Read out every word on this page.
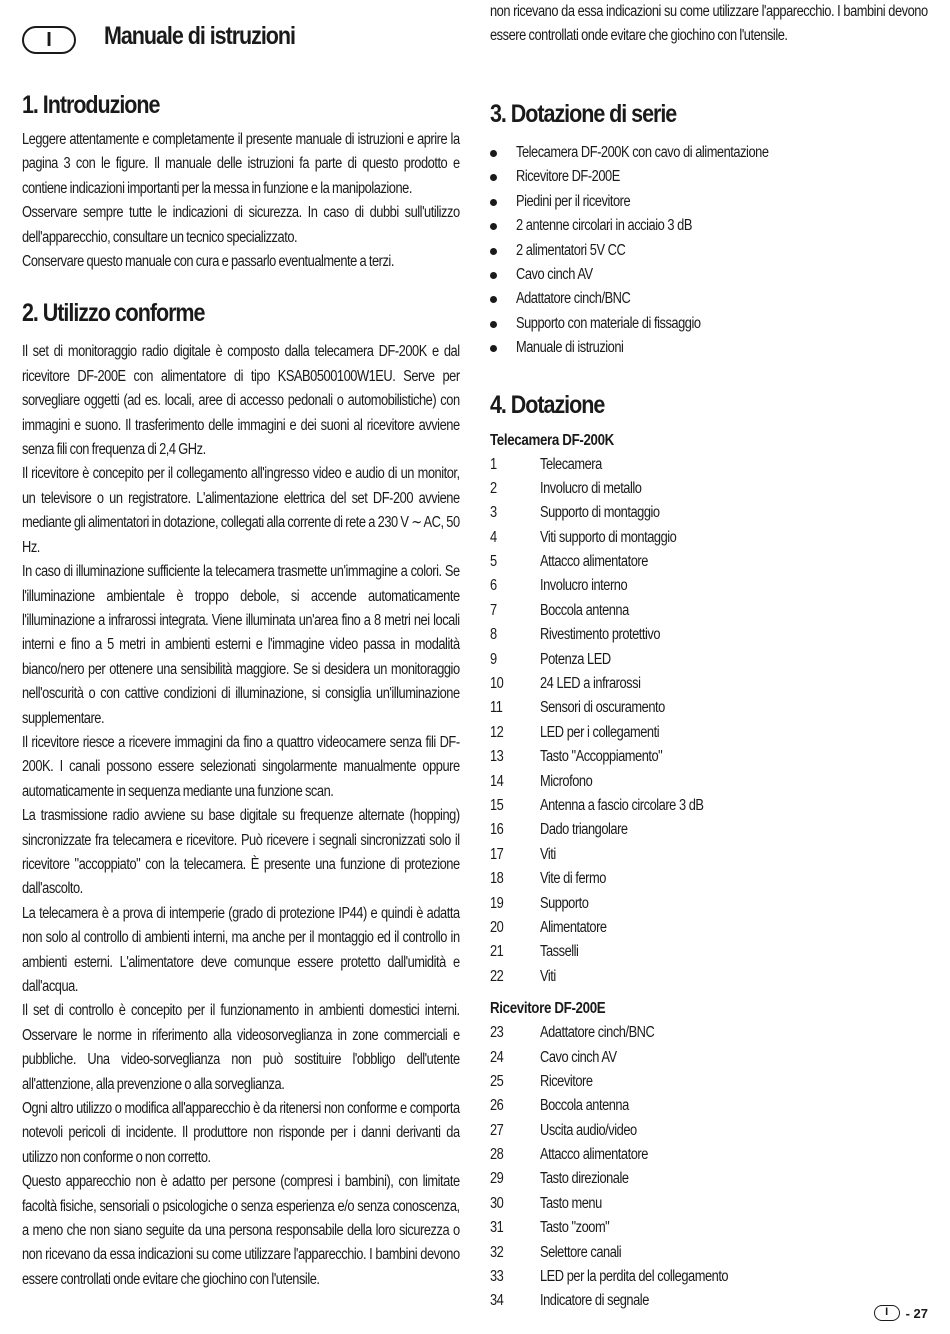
I	Manuale di istruzioni
1. Introduzione

Leggere attentamente e completamente il presente manuale di istruzioni e aprire la pagina 3 con le figure. Il manuale delle istruzioni fa parte di questo prodotto e contiene indicazioni importanti per la messa in funzione e la manipolazione.

Osservare sempre tutte le indicazioni di sicurezza. In caso di dubbi sull'utilizzo dell'apparecchio, consultare un tecnico specializzato.

Conservare questo manuale con cura e passarlo eventualmente a terzi.

2. Utilizzo conforme

Il set di monitoraggio radio digitale è composto dalla telecamera DF-200K e dal ricevitore DF-200E con alimentatore di tipo KSAB0500100W1EU. Serve per sorvegliare oggetti (ad es. locali, aree di accesso pedonali o automobilistiche) con immagini e suono. Il trasferimento delle immagini e dei suoni al ricevitore avviene senza fili con frequenza di 2,4 GHz.

Il ricevitore è concepito per il collegamento all'ingresso video e audio di un monitor, un televisore o un registratore. L'alimentazione elettrica del set DF-200 avviene mediante gli alimentatori in dotazione, collegati alla corrente di rete a 230 V ∼ AC, 50 Hz.

In caso di illuminazione sufficiente la telecamera trasmette un'immagine a colori. Se l'illuminazione ambientale è troppo debole, si accende automaticamente l'illuminazione a infrarossi integrata. Viene illuminata un'area fino a 8 metri nei locali interni e fino a 5 metri in ambienti esterni e l'immagine video passa in modalità bianco/nero per ottenere una sensibilità maggiore. Se si desidera un monitoraggio nell'oscurità o con cattive condizioni di illuminazione, si consiglia un'illuminazione supplementare.

Il ricevitore riesce a ricevere immagini da fino a quattro videocamere senza fili DF-200K. I canali possono essere selezionati singolarmente manualmente oppure automaticamente in sequenza mediante una funzione scan.

La trasmissione radio avviene su base digitale su frequenze alternate (hopping) sincronizzate fra telecamera e ricevitore. Può ricevere i segnali sincronizzati solo il ricevitore "accoppiato" con la telecamera. È presente una funzione di protezione dall'ascolto.

La telecamera è a prova di intemperie (grado di protezione IP44) e quindi è adatta non solo al controllo di ambienti interni, ma anche per il montaggio ed il controllo in ambienti esterni. L'alimentatore deve comunque essere protetto dall'umidità e dall'acqua.

Il set di controllo è concepito per il funzionamento in ambienti domestici interni. Osservare le norme in riferimento alla videosorveglianza in zone commerciali e pubbliche. Una video-sorveglianza non può sostituire l'obbligo dell'utente all'attenzione, alla prevenzione o alla sorveglianza.

Ogni altro utilizzo o modifica all'apparecchio è da ritenersi non conforme e comporta notevoli pericoli di incidente. Il produttore non risponde per i danni derivanti da utilizzo non conforme o non corretto.

Questo apparecchio non è adatto per persone (compresi i bambini), con limitate facoltà fisiche, sensoriali o psicologiche o senza esperienza e/o senza conoscenza, a meno che non siano seguite da una persona responsabile della loro sicurezza o non ricevano da essa indicazioni su come utilizzare l'apparecchio. I bambini devono essere controllati onde evitare che giochino con l'utensile.

non ricevano da essa indicazioni su come utilizzare l'apparecchio. I bambini devono essere controllati onde evitare che giochino con l'utensile.

3. Dotazione di serie
Telecamera DF-200K con cavo di alimentazione
Ricevitore DF-200E
Piedini per il ricevitore
2 antenne circolari in acciaio 3 dB
2 alimentatori 5V CC
Cavo cinch AV
Adattatore cinch/BNC
Supporto con materiale di fissaggio
Manuale di istruzioni
4. Dotazione
Telecamera DF-200K
1	Telecamera
2	Involucro di metallo
3	Supporto di montaggio
4	Viti supporto di montaggio
5	Attacco alimentatore
6	Involucro interno
7	Boccola antenna
8	Rivestimento protettivo
9	Potenza LED
10 24 LED a infrarossi
11 Sensori di oscuramento
12 LED per i collegamenti
13 Tasto "Accoppiamento"
14 Microfono
15 Antenna a fascio circolare 3 dB
16 Dado triangolare
17 Viti
18 Vite di fermo
19 Supporto
20 Alimentatore
21 Tasselli
22 Viti
Ricevitore DF-200E
23 Adattatore cinch/BNC
24 Cavo cinch AV
25 Ricevitore
26 Boccola antenna
27 Uscita audio/video
28 Attacco alimentatore
29 Tasto direzionale
30 Tasto menu
31 Tasto "zoom"
32 Selettore canali
33 LED per la perdita del collegamento
34 Indicatore di segnale
I	- 27
